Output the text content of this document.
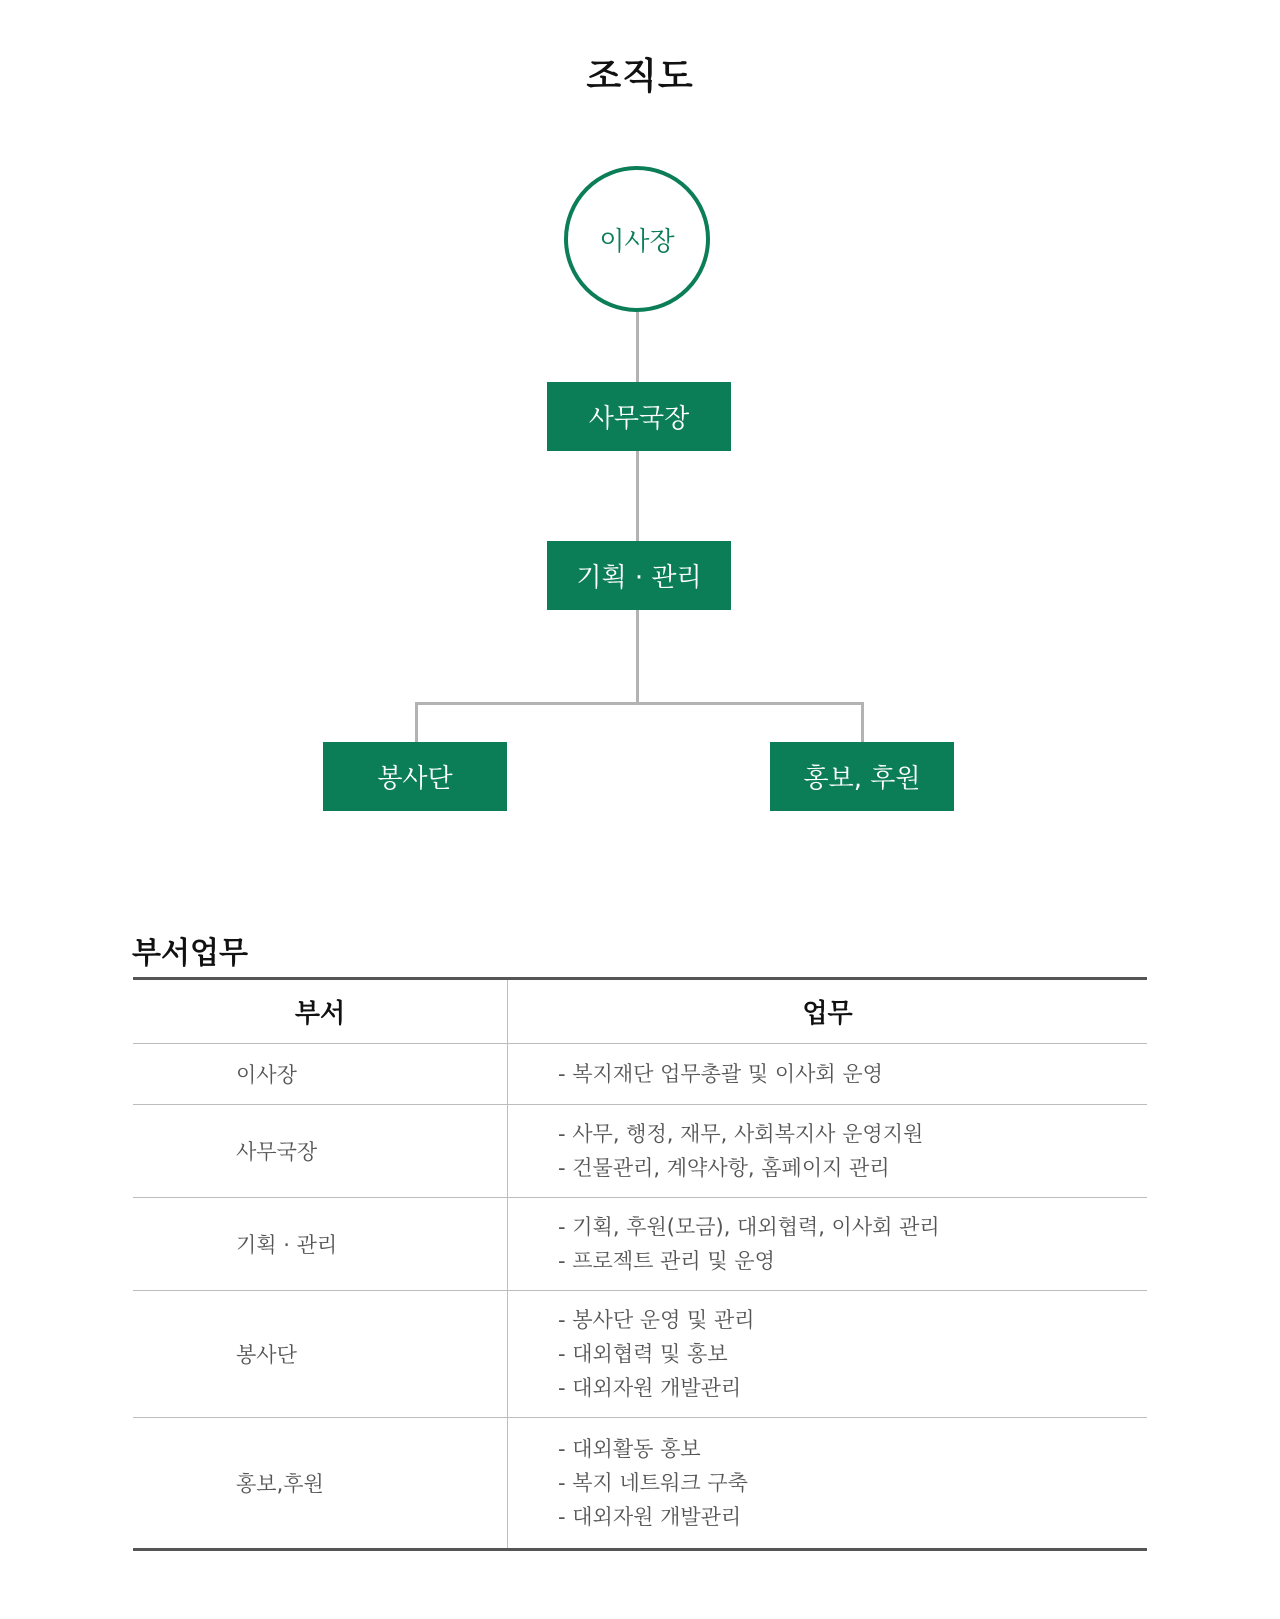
조직도
이사장
사무국장
기획 · 관리
봉사단	홍보, 후원
부서업무
부서	업무
이사장	- 복지재단 업무총괄 및 이사회 운영

사무국장	- 사무, 행정, 재무, 사회복지사 운영지원
- 건물관리, 계약사항, 홈페이지 관리

기획 · 관리	- 기획, 후원(모금), 대외협력, 이사회 관리
- 프로젝트 관리 및 운영

봉사단	- 봉사단 운영 및 관리
- 대외협력 및 홍보
- 대외자원 개발관리

홍보,후원	- 대외활동 홍보
- 복지 네트워크 구축
- 대외자원 개발관리
